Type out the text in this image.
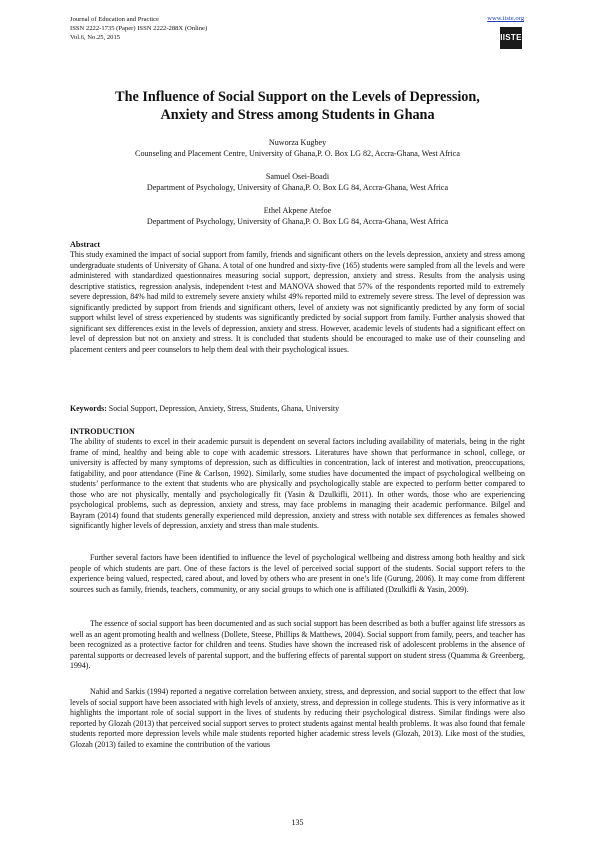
Journal of Education and Practice
ISSN 2222-1735 (Paper) ISSN 2222-288X (Online)
Vol.6, No.25, 2015
www.iiste.org
IISTE
The Influence of Social Support on the Levels of Depression,
Anxiety and Stress among Students in Ghana
Nuworza Kugbey
Counseling and Placement Centre, University of Ghana,P. O. Box LG 82, Accra-Ghana, West Africa
Samuel Osei-Boadi
Department of Psychology, University of Ghana,P. O. Box LG 84, Accra-Ghana, West Africa
Ethel Akpene Atefoe
Department of Psychology, University of Ghana,P. O. Box LG 84, Accra-Ghana, West Africa
Abstract

This study examined the impact of social support from family, friends and significant others on the levels depression, anxiety and stress among undergraduate students of University of Ghana. A total of one hundred and sixty-five (165) students were sampled from all the levels and were administered with standardized questionnaires measuring social support, depression, anxiety and stress. Results from the analysis using descriptive statistics, regression analysis, independent t-test and MANOVA showed that 57% of the respondents reported mild to extremely severe depression, 84% had mild to extremely severe anxiety whilst 49% reported mild to extremely severe stress. The level of depression was significantly predicted by support from friends and significant others, level of anxiety was not significantly predicted by any form of social support whilst level of stress experienced by students was significantly predicted by social support from family. Further analysis showed that significant sex differences exist in the levels of depression, anxiety and stress. However, academic levels of students had a significant effect on level of depression but not on anxiety and stress. It is concluded that students should be encouraged to make use of their counseling and placement centers and peer counselors to help them deal with their psychological issues.

Keywords: Social Support, Depression, Anxiety, Stress, Students, Ghana, University

INTRODUCTION

The ability of students to excel in their academic pursuit is dependent on several factors including availability of materials, being in the right frame of mind, healthy and being able to cope with academic stressors. Literatures have shown that performance in school, college, or university is affected by many symptoms of depression, such as difficulties in concentration, lack of interest and motivation, preoccupations, fatigability, and poor attendance (Fine & Carlson, 1992). Similarly, some studies have documented the impact of psychological wellbeing on students’ performance to the extent that students who are physically and psychologically stable are expected to perform better compared to those who are not physically, mentally and psychologically fit (Yasin & Dzulkifli, 2011). In other words, those who are experiencing psychological problems, such as depression, anxiety and stress, may face problems in managing their academic performance. Bilgel and Bayram (2014) found that students generally experienced mild depression, anxiety and stress with notable sex differences as females showed significantly higher levels of depression, anxiety and stress than male students.

Further several factors have been identified to influence the level of psychological wellbeing and distress among both healthy and sick people of which students are part. One of these factors is the level of perceived social support of the students. Social support refers to the experience being valued, respected, cared about, and loved by others who are present in one’s life (Gurung, 2006). It may come from different sources such as family, friends, teachers, community, or any social groups to which one is affiliated (Dzulkifli & Yasin, 2009).

The essence of social support has been documented and as such social support has been described as both a buffer against life stressors as well as an agent promoting health and wellness (Dollete, Steese, Phillips & Matthews, 2004). Social support from family, peers, and teacher has been recognized as a protective factor for children and teens. Studies have shown the increased risk of adolescent problems in the absence of parental supports or decreased levels of parental support, and the buffering effects of parental support on student stress (Quamma & Greenberg, 1994).

Nahid and Sarkis (1994) reported a negative correlation between anxiety, stress, and depression, and social support to the effect that low levels of social support have been associated with high levels of anxiety, stress, and depression in college students. This is very informative as it highlights the important role of social support in the lives of students by reducing their psychological distress. Similar findings were also reported by Glozah (2013) that perceived social support serves to protect students against mental health problems. It was also found that female students reported more depression levels while male students reported higher academic stress levels (Glozah, 2013). Like most of the studies, Glozah (2013) failed to examine the contribution of the various

135
